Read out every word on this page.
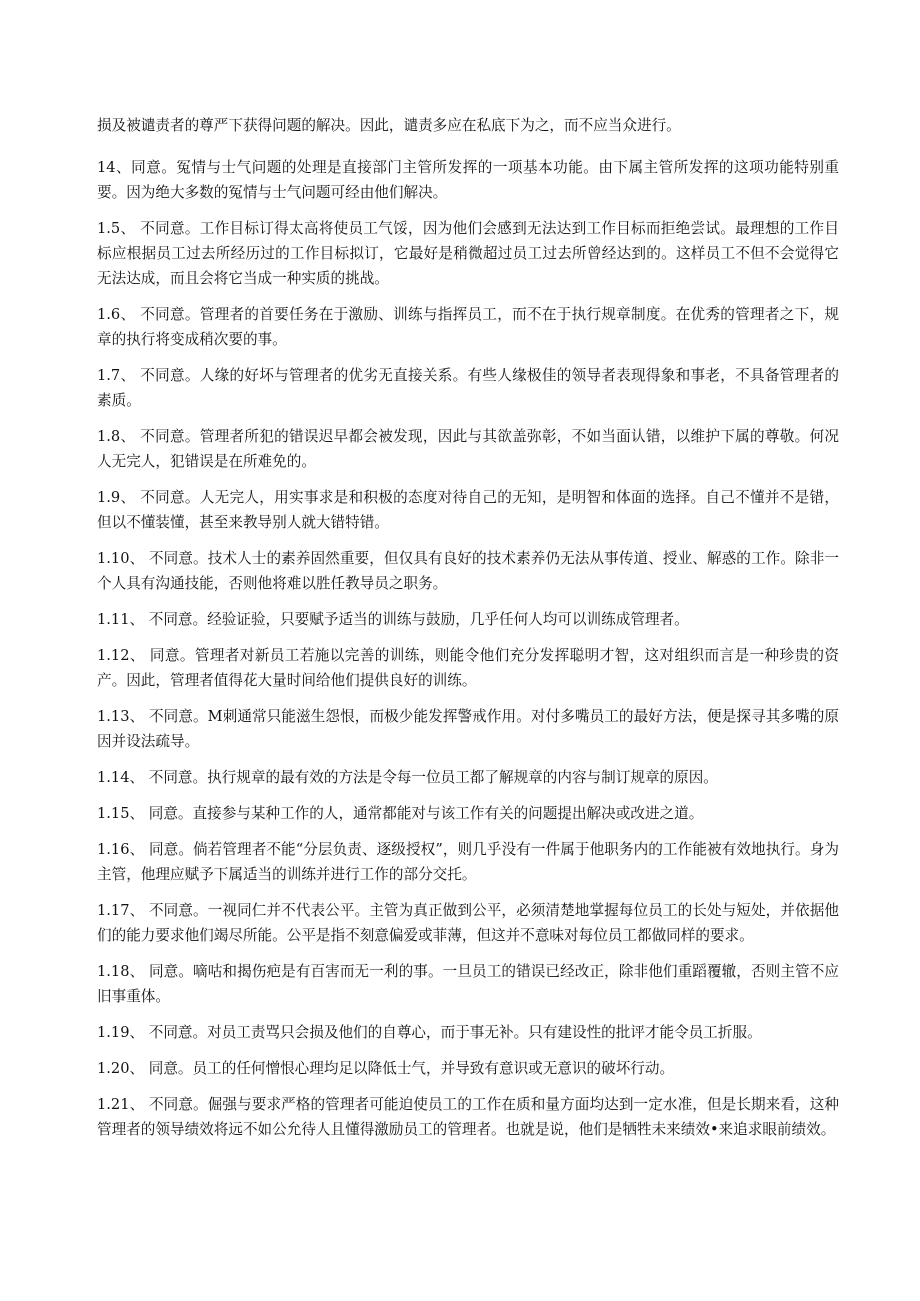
损及被谴责者的尊严下获得问题的解决。因此，谴责多应在私底下为之，而不应当众进行。

14、同意。冤情与士气问题的处理是直接部门主管所发挥的一项基本功能。由下属主管所发挥的这项功能特别重要。因为绝大多数的冤情与士气问题可经由他们解决。

1.5、 不同意。工作目标订得太高将使员工气馁，因为他们会感到无法达到工作目标而拒绝尝试。最理想的工作目标应根据员工过去所经历过的工作目标拟订，它最好是稍微超过员工过去所曾经达到的。这样员工不但不会觉得它无法达成，而且会将它当成一种实质的挑战。

1.6、 不同意。管理者的首要任务在于激励、训练与指挥员工，而不在于执行规章制度。在优秀的管理者之下，规章的执行将变成稍次要的事。

1.7、 不同意。人缘的好坏与管理者的优劣无直接关系。有些人缘极佳的领导者表现得象和事老，不具备管理者的素质。

1.8、 不同意。管理者所犯的错误迟早都会被发现，因此与其欲盖弥彰，不如当面认错，以维护下属的尊敬。何况人无完人，犯错误是在所难免的。

1.9、 不同意。人无完人，用实事求是和积极的态度对待自己的无知，是明智和体面的选择。自己不懂并不是错，但以不懂装懂，甚至来教导别人就大错特错。

1.10、 不同意。技术人士的素养固然重要，但仅具有良好的技术素养仍无法从事传道、授业、解惑的工作。除非一个人具有沟通技能，否则他将难以胜任教导员之职务。

1.11、 不同意。经验证验，只要赋予适当的训练与鼓励，几乎任何人均可以训练成管理者。

1.12、 同意。管理者对新员工若施以完善的训练，则能令他们充分发挥聪明才智，这对组织而言是一种珍贵的资产。因此，管理者值得花大量时间给他们提供良好的训练。

1.13、 不同意。M刺通常只能滋生怨恨，而极少能发挥警戒作用。对付多嘴员工的最好方法，便是探寻其多嘴的原因并设法疏导。

1.14、 不同意。执行规章的最有效的方法是令每一位员工都了解规章的内容与制订规章的原因。

1.15、 同意。直接参与某种工作的人，通常都能对与该工作有关的问题提出解决或改进之道。

1.16、 同意。倘若管理者不能“分层负责、逐级授权”，则几乎没有一件属于他职务内的工作能被有效地执行。身为主管，他理应赋予下属适当的训练并进行工作的部分交托。

1.17、 不同意。一视同仁并不代表公平。主管为真正做到公平，必须清楚地掌握每位员工的长处与短处，并依据他们的能力要求他们竭尽所能。公平是指不刻意偏爱或菲薄，但这并不意味对每位员工都做同样的要求。

1.18、 同意。嘀咕和揭伤疤是有百害而无一利的事。一旦员工的错误已经改正，除非他们重蹈覆辙，否则主管不应旧事重体。

1.19、 不同意。对员工责骂只会损及他们的自尊心，而于事无补。只有建设性的批评才能令员工折服。

1.20、 同意。员工的任何憎恨心理均足以降低士气，并导致有意识或无意识的破坏行动。

1.21、 不同意。倔强与要求严格的管理者可能迫使员工的工作在质和量方面均达到一定水准，但是长期来看，这种管理者的领导绩效将远不如公允待人且懂得激励员工的管理者。也就是说，他们是牺牲未来绩效•来追求眼前绩效。
